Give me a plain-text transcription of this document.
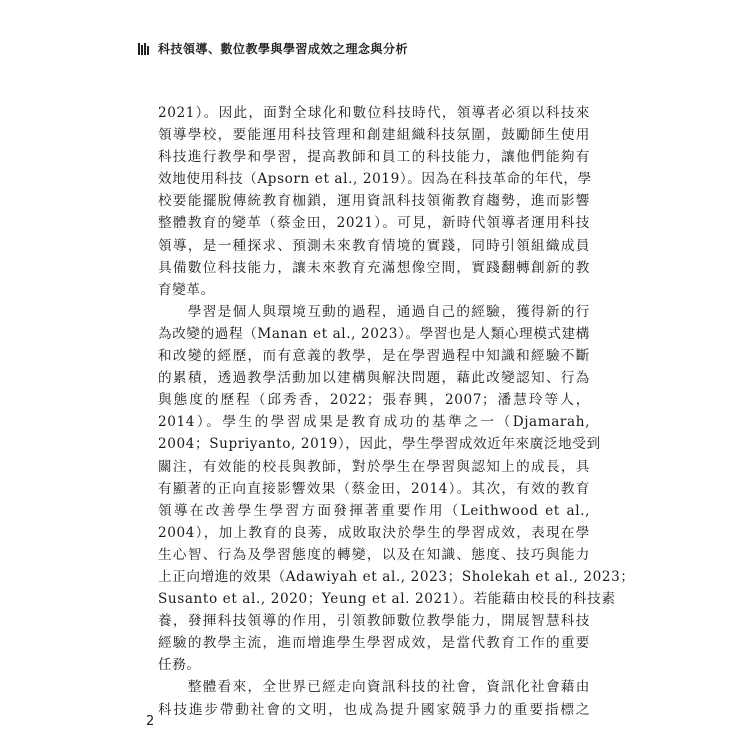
科技領導、數位教學與學習成效之理念與分析
2021）。因此，面對全球化和數位科技時代，領導者必須以科技來
領導學校，要能運用科技管理和創建組織科技氛圍，鼓勵師生使用
科技進行教學和學習，提高教師和員工的科技能力，讓他們能夠有
效地使用科技（Apsorn et al., 2019）。因為在科技革命的年代，學
校要能擺脫傳統教育枷鎖，運用資訊科技領衛教育趨勢，進而影響
整體教育的變革（蔡金田，2021）。可見，新時代領導者運用科技
領導，是一種探求、預測未來教育情境的實踐，同時引領組織成員
具備數位科技能力，讓未來教育充滿想像空間，實踐翻轉創新的教
育變革。
　　學習是個人與環境互動的過程，通過自己的經驗，獲得新的行
為改變的過程（Manan et al., 2023）。學習也是人類心理模式建構
和改變的經歷，而有意義的教學，是在學習過程中知識和經驗不斷
的累積，透過教學活動加以建構與解決問題，藉此改變認知、行為
與態度的歷程（邱秀香，2022；張春興，2007；潘慧玲等人，
2014）。學生的學習成果是教育成功的基準之一（Djamarah,
2004；Supriyanto, 2019），因此，學生學習成效近年來廣泛地受到
關注，有效能的校長與教師，對於學生在學習與認知上的成長，具
有顯著的正向直接影響效果（蔡金田，2014）。其次，有效的教育
領導在改善學生學習方面發揮著重要作用（Leithwood et al.,
2004），加上教育的良莠，成敗取決於學生的學習成效，表現在學
生心智、行為及學習態度的轉變，以及在知識、態度、技巧與能力
上正向增進的效果（Adawiyah et al., 2023；Sholekah et al., 2023；
Susanto et al., 2020；Yeung et al. 2021）。若能藉由校長的科技素
養，發揮科技領導的作用，引領教師數位教學能力，開展智慧科技
經驗的教學主流，進而增進學生學習成效，是當代教育工作的重要
任務。
　　整體看來，全世界已經走向資訊科技的社會，資訊化社會藉由
科技進步帶動社會的文明，也成為提升國家競爭力的重要指標之
2
